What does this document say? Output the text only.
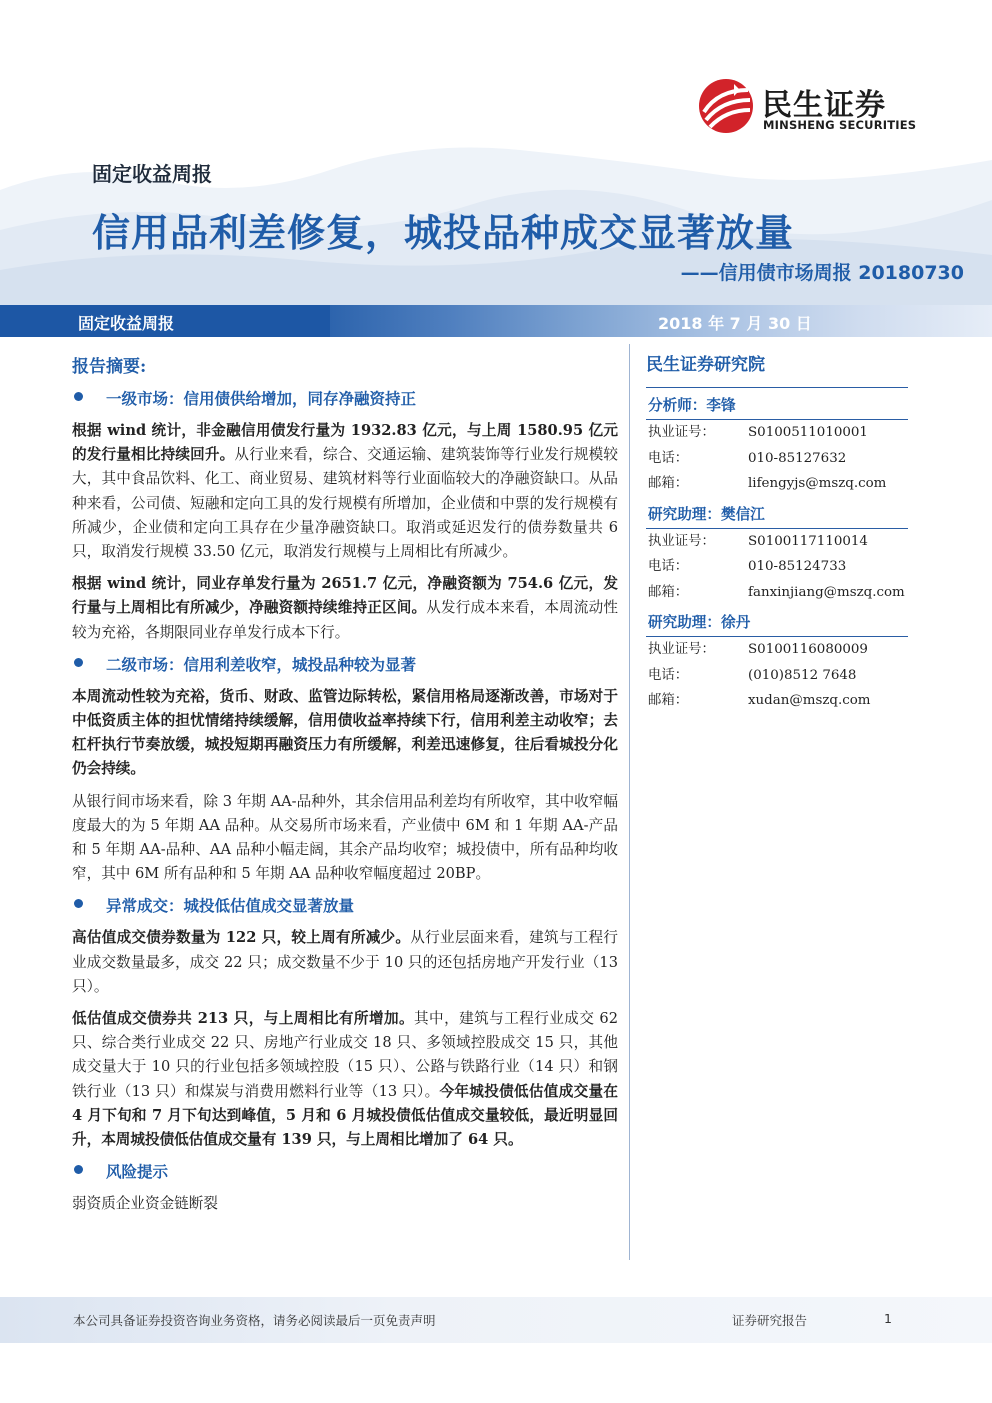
民生证券
MINSHENG SECURITIES
固定收益周报
信用品利差修复，城投品种成交显著放量
——信用债市场周报 20180730
固定收益周报	2018 年 7 月 30 日
报告摘要:
一级市场：信用债供给增加，同存净融资持正

根据 wind 统计，非金融信用债发行量为 1932.83 亿元，与上周 1580.95 亿元的发行量相比持续回升。从行业来看，综合、交通运输、建筑装饰等行业发行规模较大，其中食品饮料、化工、商业贸易、建筑材料等行业面临较大的净融资缺口。从品种来看，公司债、短融和定向工具的发行规模有所增加，企业债和中票的发行规模有所减少，企业债和定向工具存在少量净融资缺口。取消或延迟发行的债券数量共 6 只，取消发行规模 33.50 亿元，取消发行规模与上周相比有所减少。

根据 wind 统计，同业存单发行量为 2651.7 亿元，净融资额为 754.6 亿元，发行量与上周相比有所减少，净融资额持续维持正区间。从发行成本来看，本周流动性较为充裕，各期限同业存单发行成本下行。

二级市场：信用利差收窄，城投品种较为显著

本周流动性较为充裕，货币、财政、监管边际转松，紧信用格局逐渐改善，市场对于中低资质主体的担忧情绪持续缓解，信用债收益率持续下行，信用利差主动收窄；去杠杆执行节奏放缓，城投短期再融资压力有所缓解，利差迅速修复，往后看城投分化仍会持续。

从银行间市场来看，除 3 年期 AA-品种外，其余信用品利差均有所收窄，其中收窄幅度最大的为 5 年期 AA 品种。从交易所市场来看，产业债中 6M 和 1 年期 AA-产品和 5 年期 AA-品种、AA 品种小幅走阔，其余产品均收窄；城投债中，所有品种均收窄，其中 6M 所有品种和 5 年期 AA 品种收窄幅度超过 20BP。

异常成交：城投低估值成交显著放量

高估值成交债券数量为 122 只，较上周有所减少。从行业层面来看，建筑与工程行业成交数量最多，成交 22 只；成交数量不少于 10 只的还包括房地产开发行业（13 只）。

低估值成交债券共 213 只，与上周相比有所增加。其中，建筑与工程行业成交 62 只、综合类行业成交 22 只、房地产行业成交 18 只、多领域控股成交 15 只，其他成交量大于 10 只的行业包括多领域控股（15 只）、公路与铁路行业（14 只）和钢铁行业（13 只）和煤炭与消费用燃料行业等（13 只）。今年城投债低估值成交量在 4 月下旬和 7 月下旬达到峰值，5 月和 6 月城投债低估值成交量较低，最近明显回升，本周城投债低估值成交量有 139 只，与上周相比增加了 64 只。

风险提示

弱资质企业资金链断裂

民生证券研究院
分析师：李锋
执业证号： S0100511010001
电话：	010-85127632
邮箱：	lifengyjs@mszq.com
研究助理：樊信江
执业证号： S0100117110014
电话：	010-85124733
邮箱：	fanxinjiang@mszq.com
研究助理：徐丹
执业证号： S0100116080009
电话：	(010)8512 7648
邮箱：	xudan@mszq.com
本公司具备证券投资咨询业务资格，请务必阅读最后一页免责声明	证券研究报告	1
